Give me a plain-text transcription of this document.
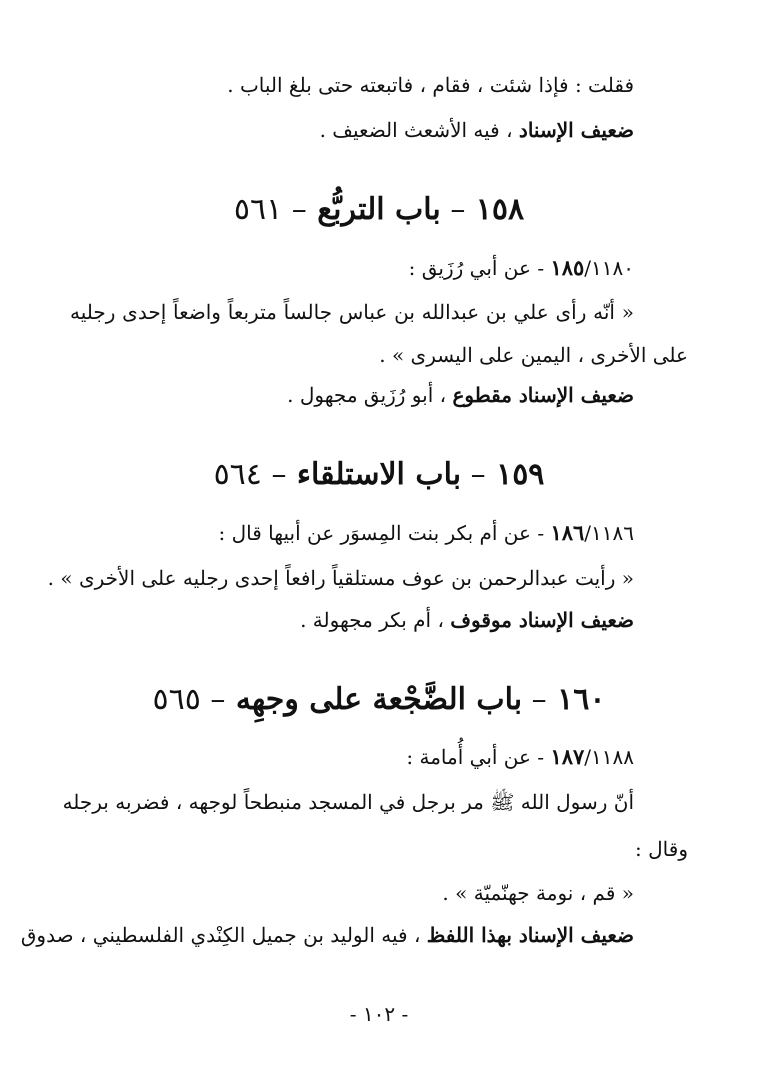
فقلت : فإذا شئت ، فقام ، فاتبعته حتى بلغ الباب .
ضعيف الإسناد ، فيه الأشعث الضعيف .
١٥٨ – باب التربُّع – ٥٦١
١٨٥/١١٨٠ - عن أبي رُزَيق :
« أنّه رأى علي بن عبدالله بن عباس جالساً متربعاً واضعاً إحدى رجليه
على الأخرى ، اليمين على اليسرى » .
ضعيف الإسناد مقطوع ، أبو رُزَيق مجهول .
١٥٩ – باب الاستلقاء – ٥٦٤
١٨٦/١١٨٦ - عن أم بكر بنت المِسوَر عن أبيها قال :
« رأيت عبدالرحمن بن عوف مستلقياً رافعاً إحدى رجليه على الأخرى » .
ضعيف الإسناد موقوف ، أم بكر مجهولة .
١٦٠ – باب الضَّجْعة على وجهِه – ٥٦٥
١٨٧/١١٨٨ - عن أبي أُمامة :
أنّ رسول الله ﷺ مر برجل في المسجد منبطحاً لوجهه ، فضربه برجله
وقال :
« قم ، نومة جهنّميّة » .
ضعيف الإسناد بهذا اللفظ ، فيه الوليد بن جميل الكِنْدي الفلسطيني ، صدوق
- ١٠٢ -
